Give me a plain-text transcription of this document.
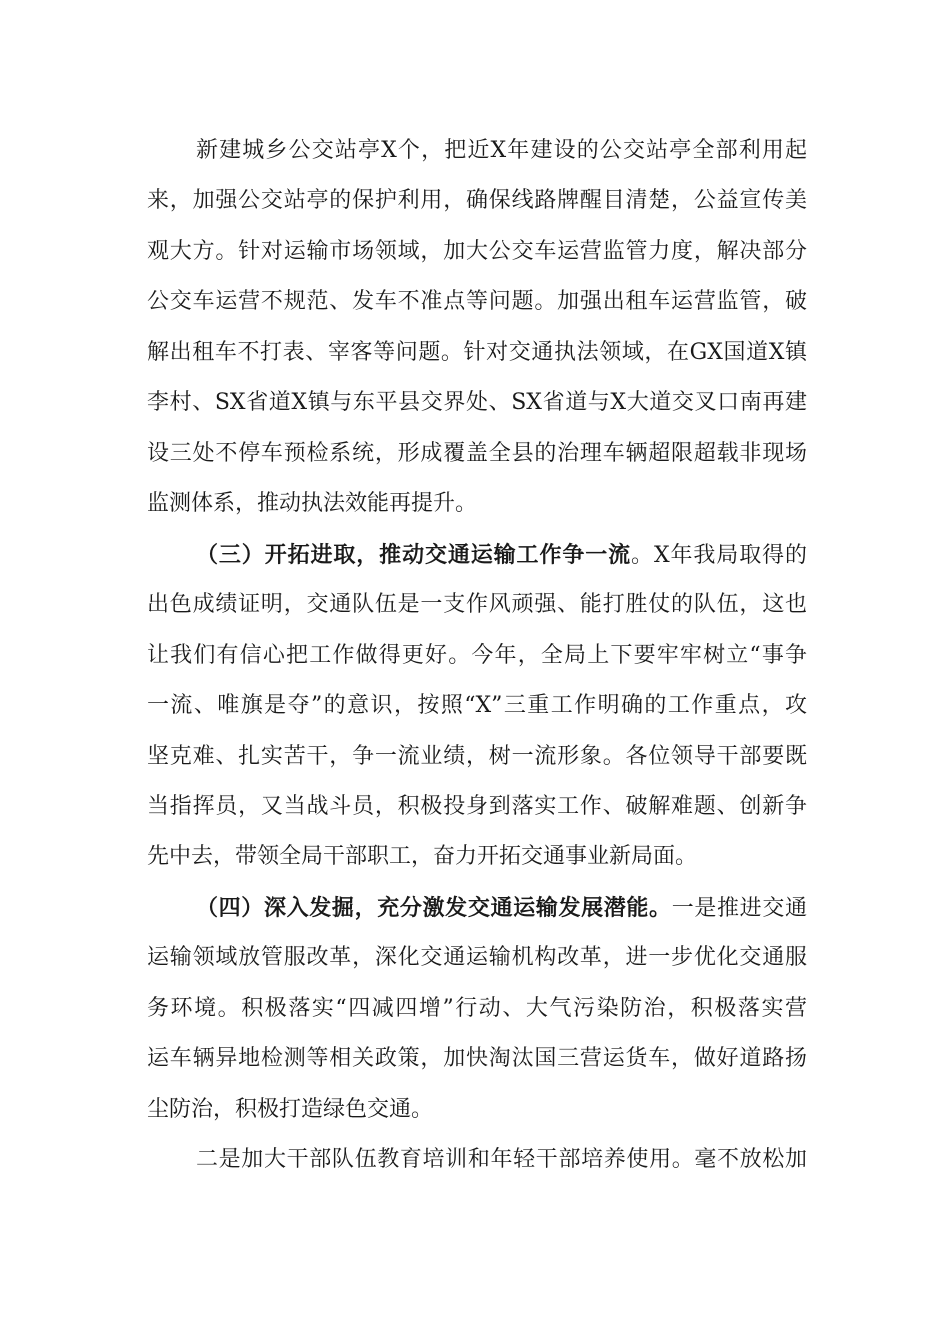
新建城乡公交站亭X个，把近X年建设的公交站亭全部利用起
来，加强公交站亭的保护利用，确保线路牌醒目清楚，公益宣传美
观大方。针对运输市场领域，加大公交车运营监管力度，解决部分
公交车运营不规范、发车不准点等问题。加强出租车运营监管，破
解出租车不打表、宰客等问题。针对交通执法领域，在GX国道X镇
李村、SX省道X镇与东平县交界处、SX省道与X大道交叉口南再建
设三处不停车预检系统，形成覆盖全县的治理车辆超限超载非现场
监测体系，推动执法效能再提升。
（三）开拓进取，推动交通运输工作争一流。X年我局取得的
出色成绩证明，交通队伍是一支作风顽强、能打胜仗的队伍，这也
让我们有信心把工作做得更好。今年，全局上下要牢牢树立“事争
一流、唯旗是夺”的意识，按照“X”三重工作明确的工作重点，攻
坚克难、扎实苦干，争一流业绩，树一流形象。各位领导干部要既
当指挥员，又当战斗员，积极投身到落实工作、破解难题、创新争
先中去，带领全局干部职工，奋力开拓交通事业新局面。
（四）深入发掘，充分激发交通运输发展潜能。一是推进交通
运输领域放管服改革，深化交通运输机构改革，进一步优化交通服
务环境。积极落实“四减四增”行动、大气污染防治，积极落实营
运车辆异地检测等相关政策，加快淘汰国三营运货车，做好道路扬
尘防治，积极打造绿色交通。
二是加大干部队伍教育培训和年轻干部培养使用。毫不放松加
